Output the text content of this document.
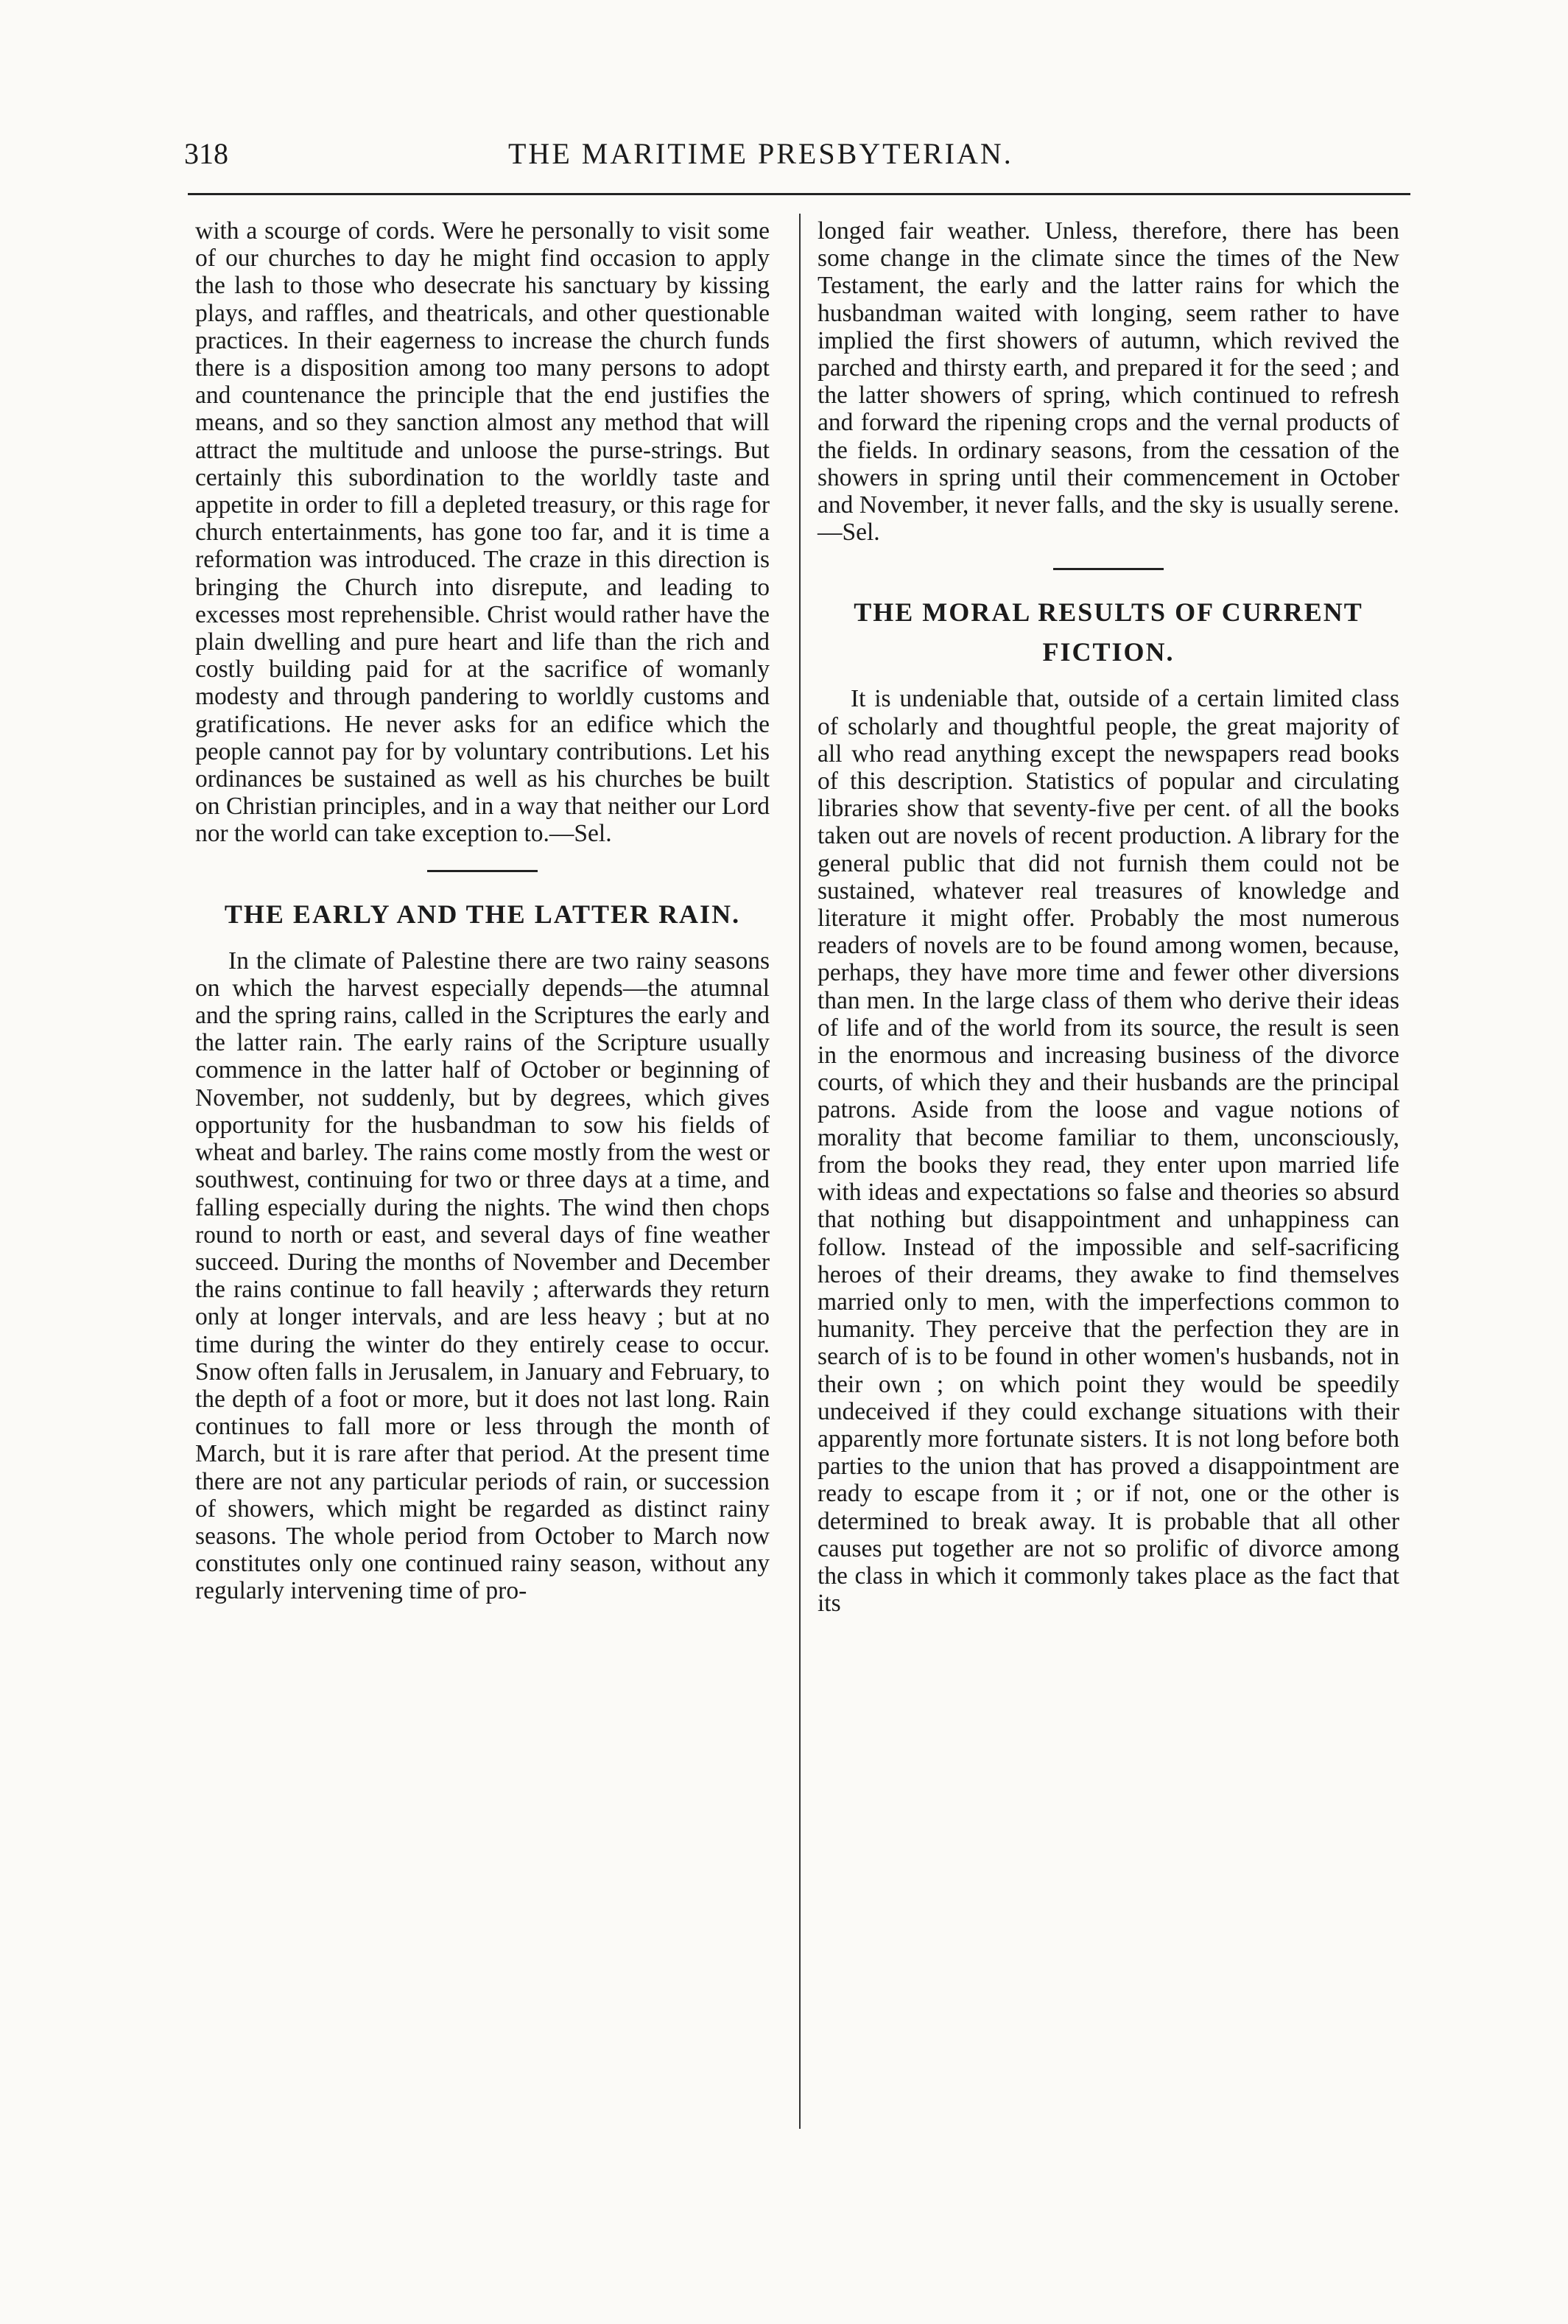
318	THE MARITIME PRESBYTERIAN.

with a scourge of cords. Were he personally to visit some of our churches to day he might find occasion to apply the lash to those who desecrate his sanctuary by kissing plays, and raffles, and theatricals, and other questionable practices. In their eagerness to increase the church funds there is a disposition among too many persons to adopt and countenance the principle that the end justifies the means, and so they sanction almost any method that will attract the multitude and unloose the purse-strings. But certainly this subordination to the worldly taste and appetite in order to fill a depleted treasury, or this rage for church entertainments, has gone too far, and it is time a reformation was introduced. The craze in this direction is bringing the Church into disrepute, and leading to excesses most reprehensible. Christ would rather have the plain dwelling and pure heart and life than the rich and costly building paid for at the sacrifice of womanly modesty and through pandering to worldly customs and gratifications. He never asks for an edifice which the people cannot pay for by voluntary contributions. Let his ordinances be sustained as well as his churches be built on Christian principles, and in a way that neither our Lord nor the world can take exception to.—Sel.

THE EARLY AND THE LATTER RAIN.

In the climate of Palestine there are two rainy seasons on which the harvest especially depends—the atumnal and the spring rains, called in the Scriptures the early and the latter rain. The early rains of the Scripture usually commence in the latter half of October or beginning of November, not suddenly, but by degrees, which gives opportunity for the husbandman to sow his fields of wheat and barley. The rains come mostly from the west or southwest, continuing for two or three days at a time, and falling especially during the nights. The wind then chops round to north or east, and several days of fine weather succeed. During the months of November and December the rains continue to fall heavily ; afterwards they return only at longer intervals, and are less heavy ; but at no time during the winter do they entirely cease to occur. Snow often falls in Jerusalem, in January and February, to the depth of a foot or more, but it does not last long. Rain continues to fall more or less through the month of March, but it is rare after that period. At the present time there are not any particular periods of rain, or succession of showers, which might be regarded as distinct rainy seasons. The whole period from October to March now constitutes only one continued rainy season, without any regularly intervening time of pro-

longed fair weather. Unless, therefore, there has been some change in the climate since the times of the New Testament, the early and the latter rains for which the husbandman waited with longing, seem rather to have implied the first showers of autumn, which revived the parched and thirsty earth, and prepared it for the seed ; and the latter showers of spring, which continued to refresh and forward the ripening crops and the vernal products of the fields. In ordinary seasons, from the cessation of the showers in spring until their commencement in October and November, it never falls, and the sky is usually serene.—Sel.

THE MORAL RESULTS OF CURRENT
FICTION.

It is undeniable that, outside of a certain limited class of scholarly and thoughtful people, the great majority of all who read anything except the newspapers read books of this description. Statistics of popular and circulating libraries show that seventy-five per cent. of all the books taken out are novels of recent production. A library for the general public that did not furnish them could not be sustained, whatever real treasures of knowledge and literature it might offer. Probably the most numerous readers of novels are to be found among women, because, perhaps, they have more time and fewer other diversions than men. In the large class of them who derive their ideas of life and of the world from its source, the result is seen in the enormous and increasing business of the divorce courts, of which they and their husbands are the principal patrons. Aside from the loose and vague notions of morality that become familiar to them, unconsciously, from the books they read, they enter upon married life with ideas and expectations so false and theories so absurd that nothing but disappointment and unhappiness can follow. Instead of the impossible and self-sacrificing heroes of their dreams, they awake to find themselves married only to men, with the imperfections common to humanity. They perceive that the perfection they are in search of is to be found in other women's husbands, not in their own ; on which point they would be speedily undeceived if they could exchange situations with their apparently more fortunate sisters. It is not long before both parties to the union that has proved a disappointment are ready to escape from it ; or if not, one or the other is determined to break away. It is probable that all other causes put together are not so prolific of divorce among the class in which it commonly takes place as the fact that its
